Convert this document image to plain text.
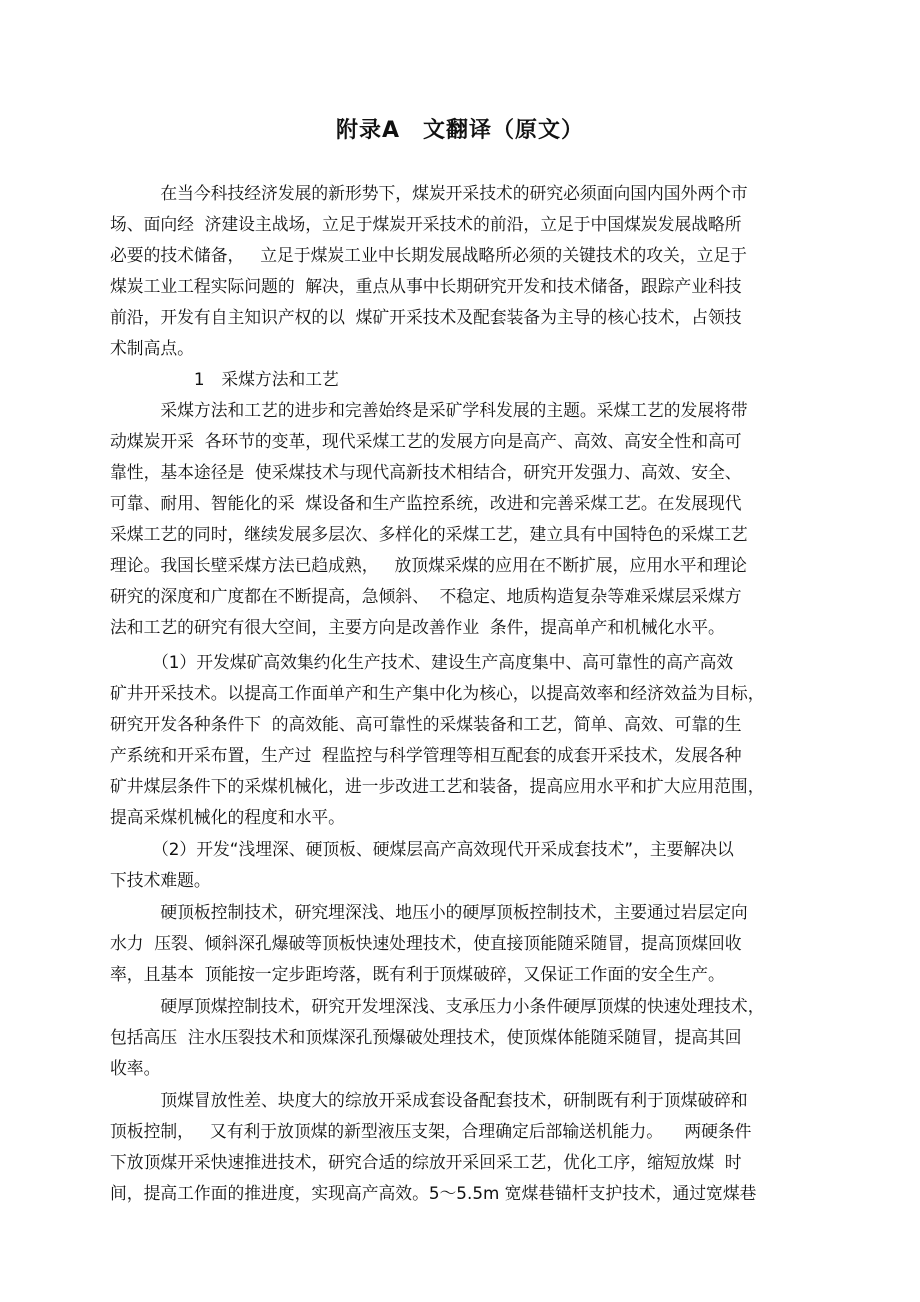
附录A　文翻译（原文）
　　　在当今科技经济发展的新形势下，煤炭开采技术的研究必须面向国内国外两个市
场、面向经  济建设主战场，立足于煤炭开采技术的前沿，立足于中国煤炭发展战略所
必要的技术储备，   立足于煤炭工业中长期发展战略所必须的关键技术的攻关，立足于
煤炭工业工程实际问题的  解决，重点从事中长期研究开发和技术储备，跟踪产业科技
前沿，开发有自主知识产权的以  煤矿开采技术及配套装备为主导的核心技术，占领技
术制高点。
　　　　　1　采煤方法和工艺
　　　采煤方法和工艺的进步和完善始终是采矿学科发展的主题。采煤工艺的发展将带
动煤炭开采  各环节的变革，现代采煤工艺的发展方向是高产、高效、高安全性和高可
靠性，基本途径是  使采煤技术与现代高新技术相结合，研究开发强力、高效、安全、
可靠、耐用、智能化的采  煤设备和生产监控系统，改进和完善采煤工艺。在发展现代
采煤工艺的同时，继续发展多层次、多样化的采煤工艺，建立具有中国特色的采煤工艺
理论。我国长壁采煤方法已趋成熟，   放顶煤采煤的应用在不断扩展，应用水平和理论
研究的深度和广度都在不断提高，急倾斜、  不稳定、地质构造复杂等难采煤层采煤方
法和工艺的研究有很大空间，主要方向是改善作业  条件，提高单产和机械化水平。
　　　（1）开发煤矿高效集约化生产技术、建设生产高度集中、高可靠性的高产高效
矿井开采技术。以提高工作面单产和生产集中化为核心，以提高效率和经济效益为目标，
研究开发各种条件下  的高效能、高可靠性的采煤装备和工艺，简单、高效、可靠的生
产系统和开采布置，生产过  程监控与科学管理等相互配套的成套开采技术，发展各种
矿井煤层条件下的采煤机械化，进一步改进工艺和装备，提高应用水平和扩大应用范围，
提高采煤机械化的程度和水平。
　　　（2）开发“浅埋深、硬顶板、硬煤层高产高效现代开采成套技术”，主要解决以
下技术难题。
　　　硬顶板控制技术，研究埋深浅、地压小的硬厚顶板控制技术，主要通过岩层定向
水力  压裂、倾斜深孔爆破等顶板快速处理技术，使直接顶能随采随冒，提高顶煤回收
率，且基本  顶能按一定步距垮落，既有利于顶煤破碎，又保证工作面的安全生产。
　　　硬厚顶煤控制技术，研究开发埋深浅、支承压力小条件硬厚顶煤的快速处理技术，
包括高压  注水压裂技术和顶煤深孔预爆破处理技术，使顶煤体能随采随冒，提高其回
收率。
　　　顶煤冒放性差、块度大的综放开采成套设备配套技术，研制既有利于顶煤破碎和
顶板控制，   又有利于放顶煤的新型液压支架，合理确定后部输送机能力。    两硬条件
下放顶煤开采快速推进技术，研究合适的综放开采回采工艺，优化工序，缩短放煤  时
间，提高工作面的推进度，实现高产高效。5～5.5m 宽煤巷锚杆支护技术，通过宽煤巷
